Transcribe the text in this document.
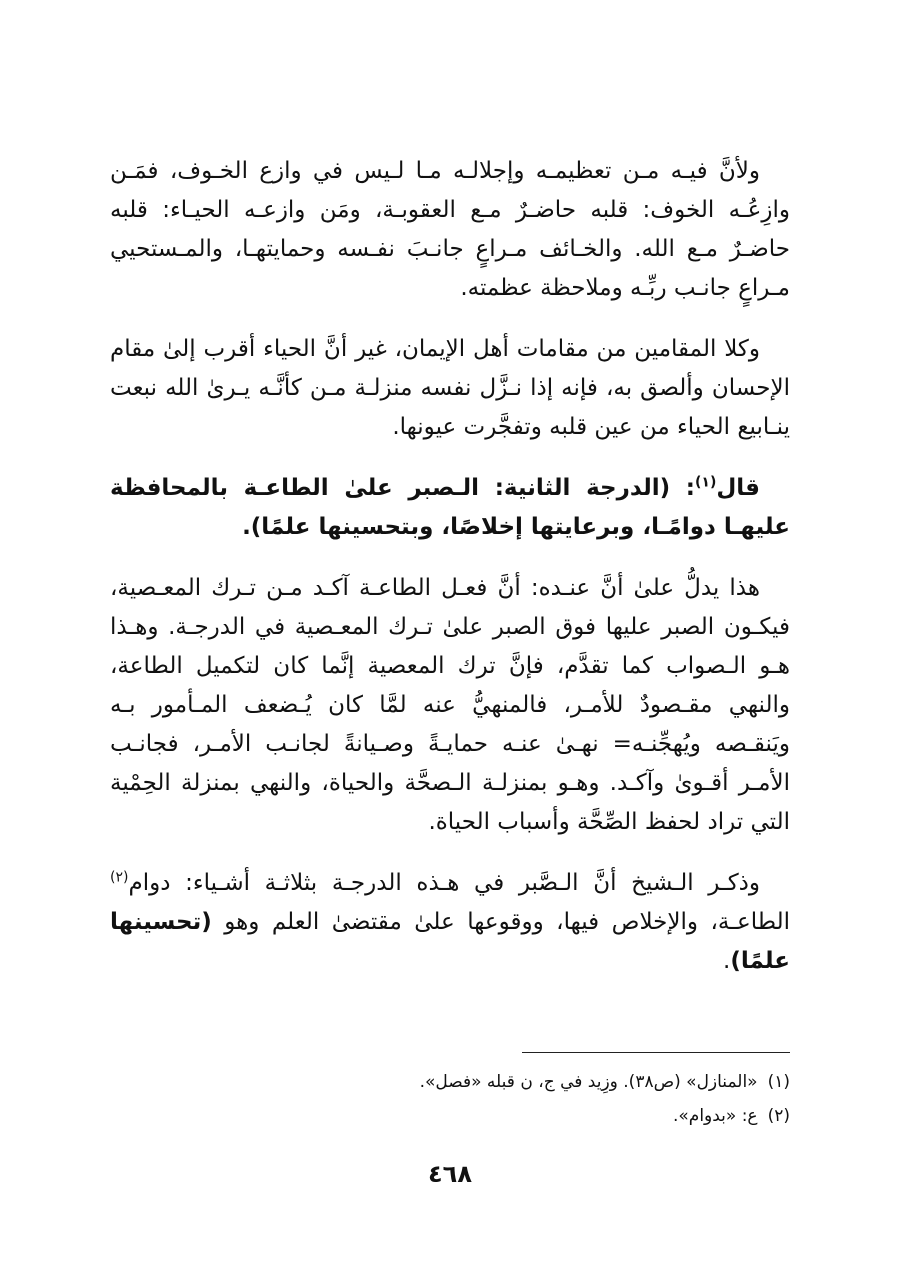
ولأنَّ فيـه مـن تعظيمـه وإجلالـه مـا لـيس في وازع الخـوف، فمَـن وازِعُـه الخوف: قلبه حاضـرٌ مـع العقوبـة، ومَن وازعـه الحيـاء: قلبه حاضـرٌ مـع الله. والخـائف مـراعٍ جانـبَ نفـسه وحمايتهـا، والمـستحيي مـراعٍ جانـب ربِّـه وملاحظة عظمته.

وكلا المقامين من مقامات أهل الإيمان، غير أنَّ الحياء أقرب إلىٰ مقام الإحسان وألصق به، فإنه إذا نـزَّل نفسه منزلـة مـن كأنَّـه يـرىٰ الله نبعت ينـابيع الحياء من عين قلبه وتفجَّرت عيونها.

قال$^{(١)}$: (الدرجة الثانية: الـصبر علىٰ الطاعـة بالمحافظة عليهـا دوامًـا، وبرعايتها إخلاصًا، وبتحسينها علمًا).

هذا يدلُّ علىٰ أنَّ عنـده: أنَّ فعـل الطاعـة آكـد مـن تـرك المعـصية، فيكـون الصبر عليها فوق الصبر علىٰ تـرك المعـصية في الدرجـة. وهـذا هـو الـصواب كما تقدَّم، فإنَّ ترك المعصية إنَّما كان لتكميل الطاعة، والنهي مقـصودٌ للأمـر، فالمنهيُّ عنه لمَّا كان يُـضعف المـأمور بـه ويَنقـصه ويُهجِّنـه= نهـىٰ عنـه حمايـةً وصـيانةً لجانـب الأمـر، فجانـب الأمـر أقـوىٰ وآكـد. وهـو بمنزلـة الـصحَّة والحياة، والنهي بمنزلة الحِمْية التي تراد لحفظ الصِّحَّة وأسباب الحياة.

وذكـر الـشيخ أنَّ الـصَّبر في هـذه الدرجـة بثلاثـة أشـياء: دوام$^{(٢)}$ الطاعـة، والإخلاص فيها، ووقوعها علىٰ مقتضىٰ العلم وهو (تحسينها علمًا).

(١)«المنازل» (ص٣٨). وزِيد في ج، ن قبله «فصل».

(٢)ع: «بدوام».

٤٦٨
